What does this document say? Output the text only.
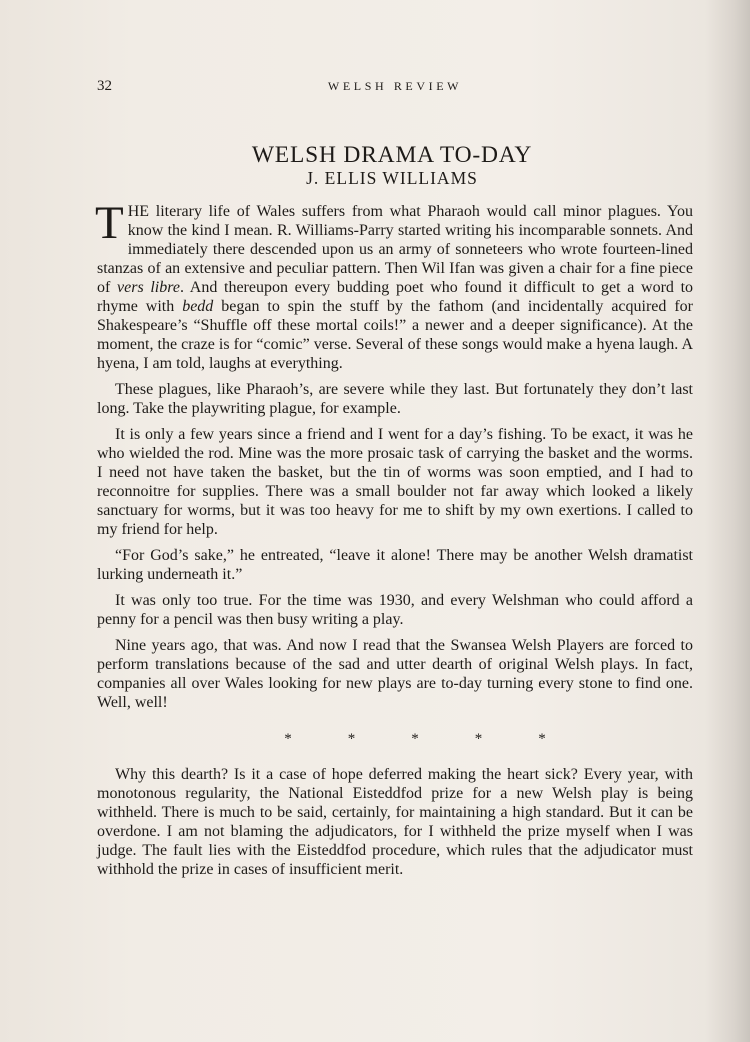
32	WELSH REVIEW
WELSH DRAMA TO-DAY
J. ELLIS WILLIAMS

THE literary life of Wales suffers from what Pharaoh would call minor plagues. You know the kind I mean. R. Williams-Parry started writing his incomparable sonnets. And immediately there descended upon us an army of sonneteers who wrote fourteen-lined stanzas of an extensive and peculiar pattern. Then Wil Ifan was given a chair for a fine piece of vers libre. And thereupon every budding poet who found it difficult to get a word to rhyme with bedd began to spin the stuff by the fathom (and incidentally acquired for Shakespeare’s “Shuffle off these mortal coils!” a newer and a deeper significance). At the moment, the craze is for “comic” verse. Several of these songs would make a hyena laugh. A hyena, I am told, laughs at everything.

These plagues, like Pharaoh’s, are severe while they last. But fortunately they don’t last long. Take the playwriting plague, for example.

It is only a few years since a friend and I went for a day’s fishing. To be exact, it was he who wielded the rod. Mine was the more prosaic task of carrying the basket and the worms. I need not have taken the basket, but the tin of worms was soon emptied, and I had to reconnoitre for supplies. There was a small boulder not far away which looked a likely sanctuary for worms, but it was too heavy for me to shift by my own exertions. I called to my friend for help.

“For God’s sake,” he entreated, “leave it alone! There may be another Welsh dramatist lurking underneath it.”

It was only too true. For the time was 1930, and every Welshman who could afford a penny for a pencil was then busy writing a play.

Nine years ago, that was. And now I read that the Swansea Welsh Players are forced to perform translations because of the sad and utter dearth of original Welsh plays. In fact, companies all over Wales looking for new plays are to-day turning every stone to find one. Well, well!

*	*	*	*	*

Why this dearth? Is it a case of hope deferred making the heart sick? Every year, with monotonous regularity, the National Eisteddfod prize for a new Welsh play is being withheld. There is much to be said, certainly, for maintaining a high standard. But it can be overdone. I am not blaming the adjudicators, for I withheld the prize myself when I was judge. The fault lies with the Eisteddfod procedure, which rules that the adjudicator must withhold the prize in cases of insufficient merit.
